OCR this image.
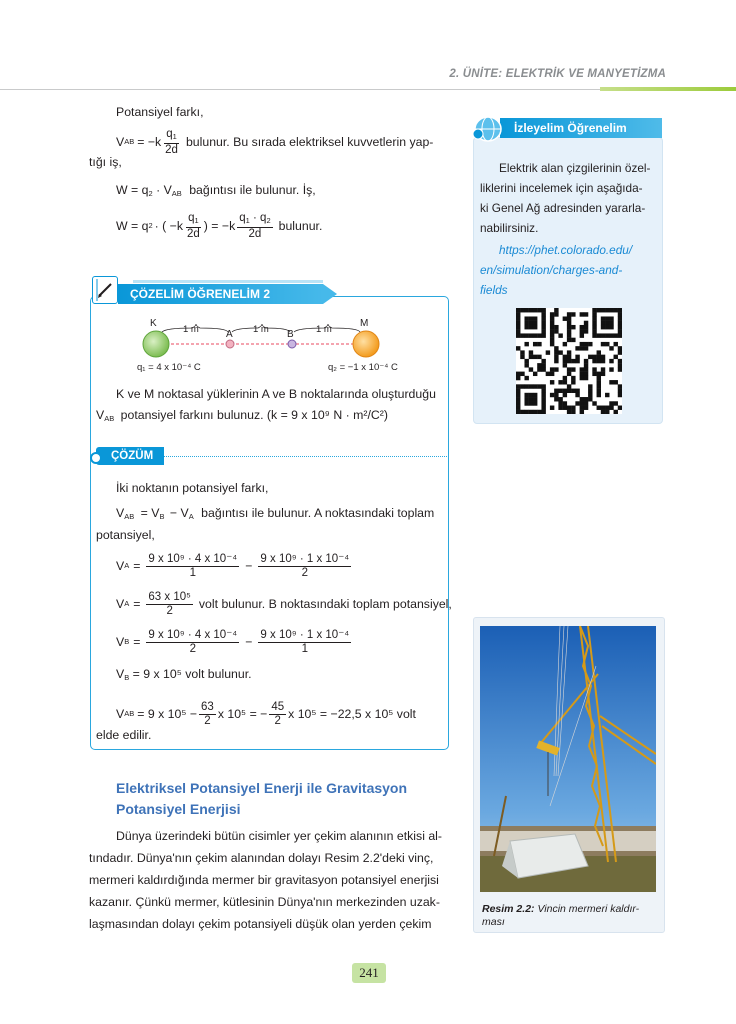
2. ÜNİTE: ELEKTRİK VE MANYETİZMA
Potansiyel farkı,
V AB = $-k \frac{q_1}{2d}$ bulunur. Bu sırada elektriksel kuvvetlerin yap-
tığı iş,
$W = q_2 \cdot V_{AB}$ bağıntısı ile bulunur. İş,
W = q 2 · ( $-k \frac{q_1}{2d}$ ) = $-k \frac{q_1 \cdot q_2}{2d}$ bulunur.
ÇÖZELİM ÖĞRENELİM 2
K
A	B
M
1 m	1 m	1 m
q₁ = 4 x 10⁻⁴ C	q₂ = −1 x 10⁻⁴ C
K ve M noktasal yüklerinin A ve B noktalarında oluşturduğu
$V_{AB}$ potansiyel farkını bulunuz. (k = 9 x 10⁹ N · m²/C²)
ÇÖZÜM
İki noktanın potansiyel farkı,
$V_{AB} = V_B - V_A$ bağıntısı ile bulunur. A noktasındaki toplam
potansiyel,
V $A = \frac{\text{9 x 10⁹ · 4 x 10⁻⁴}}{1} - \frac{\text{9 x 10⁹ · 1 x 10⁻⁴}}{2}$
V $A = \frac{\text{63 x 10⁵}}{2}$ volt bulunur. B noktasındaki toplam potansiyel,
V $B = \frac{\text{9 x 10⁹ · 4 x 10⁻⁴}}{2} - \frac{\text{9 x 10⁹ · 1 x 10⁻⁴}}{1}$
$V_B = 9$ x 10⁵ volt bulunur.
V AB = 9 x $10^5 - \frac{63}{2}$ x 10⁵ = − $\frac{45}{2}$ x 10⁵ = −22,5 x 10⁵ volt
elde edilir.
İzleyelim Öğrenelim
Elektrik alan çizgilerinin özel-
liklerini incelemek için aşağıda-
ki Genel Ağ adresinden yararla-
nabilirsiniz.
https://phet.colorado.edu/
en/simulation/charges-and-
fields
Elektriksel Potansiyel Enerji ile Gravitasyon
Potansiyel Enerjisi
Dünya üzerindeki bütün cisimler yer çekim alanının etkisi al-
tındadır. Dünya'nın çekim alanından dolayı Resim 2.2'deki vinç,
mermeri kaldırdığında mermer bir gravitasyon potansiyel enerjisi
kazanır. Çünkü mermer, kütlesinin Dünya'nın merkezinden uzak-
laşmasından dolayı çekim potansiyeli düşük olan yerden çekim
Resim 2.2: Vincin mermeri kaldır-
ması
241
